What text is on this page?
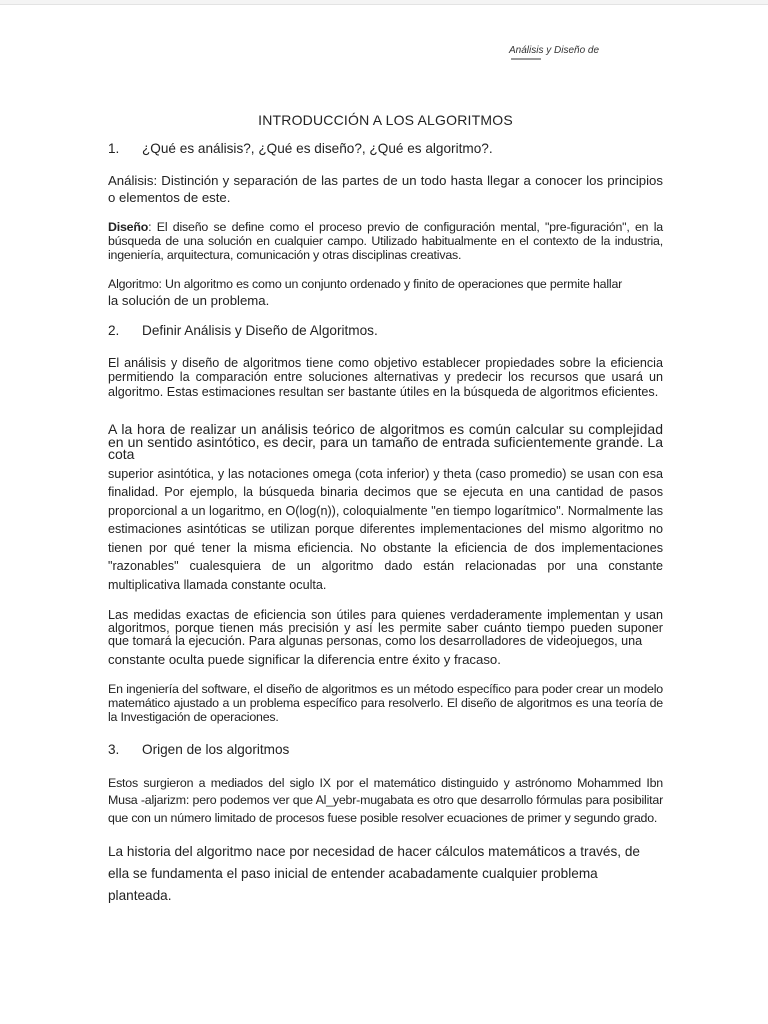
Análisis y Diseño de
INTRODUCCIÓN A LOS ALGORITMOS
1.	¿Qué es análisis?, ¿Qué es diseño?, ¿Qué es algoritmo?.

Análisis: Distinción y separación de las partes de un todo hasta llegar a conocer los principios o elementos de este.

Diseño: El diseño se define como el proceso previo de configuración mental, "pre-figuración", en la búsqueda de una solución en cualquier campo. Utilizado habitualmente en el contexto de la industria, ingeniería, arquitectura, comunicación y otras disciplinas creativas.

Algoritmo: Un algoritmo es como un conjunto ordenado y finito de operaciones que permite hallar
la solución de un problema.

2.	Definir Análisis y Diseño de Algoritmos.

El análisis y diseño de algoritmos tiene como objetivo establecer propiedades sobre la eficiencia permitiendo la comparación entre soluciones alternativas y predecir los recursos que usará un algoritmo. Estas estimaciones resultan ser bastante útiles en la búsqueda de algoritmos eficientes.

A la hora de realizar un análisis teórico de algoritmos es común calcular su complejidad en un sentido asintótico, es decir, para un tamaño de entrada suficientemente grande. La cota

superior asintótica, y las notaciones omega (cota inferior) y theta (caso promedio) se usan con esa finalidad. Por ejemplo, la búsqueda binaria decimos que se ejecuta en una cantidad de pasos proporcional a un logaritmo, en O(log(n)), coloquialmente "en tiempo logarítmico". Normalmente las estimaciones asintóticas se utilizan porque diferentes implementaciones del mismo algoritmo no tienen por qué tener la misma eficiencia. No obstante la eficiencia de dos implementaciones "razonables" cualesquiera de un algoritmo dado están relacionadas por una constante multiplicativa llamada constante oculta.

Las medidas exactas de eficiencia son útiles para quienes verdaderamente implementan y usan algoritmos, porque tienen más precisión y así les permite saber cuánto tiempo pueden suponer que tomará la ejecución. Para algunas personas, como los desarrolladores de videojuegos, una

constante oculta puede significar la diferencia entre éxito y fracaso.

En ingeniería del software, el diseño de algoritmos es un método específico para poder crear un modelo matemático ajustado a un problema específico para resolverlo. El diseño de algoritmos es una teoría de la Investigación de operaciones.

3.	Origen de los algoritmos

Estos surgieron a mediados del siglo IX por el matemático distinguido y astrónomo Mohammed Ibn Musa -aljarizm: pero podemos ver que Al_yebr-mugabata es otro que desarrollo fórmulas para posibilitar que con un número limitado de procesos fuese posible resolver ecuaciones de primer y segundo grado.

La historia del algoritmo nace por necesidad de hacer cálculos matemáticos a través, de ella se fundamenta el paso inicial de entender acabadamente cualquier problema planteada.
